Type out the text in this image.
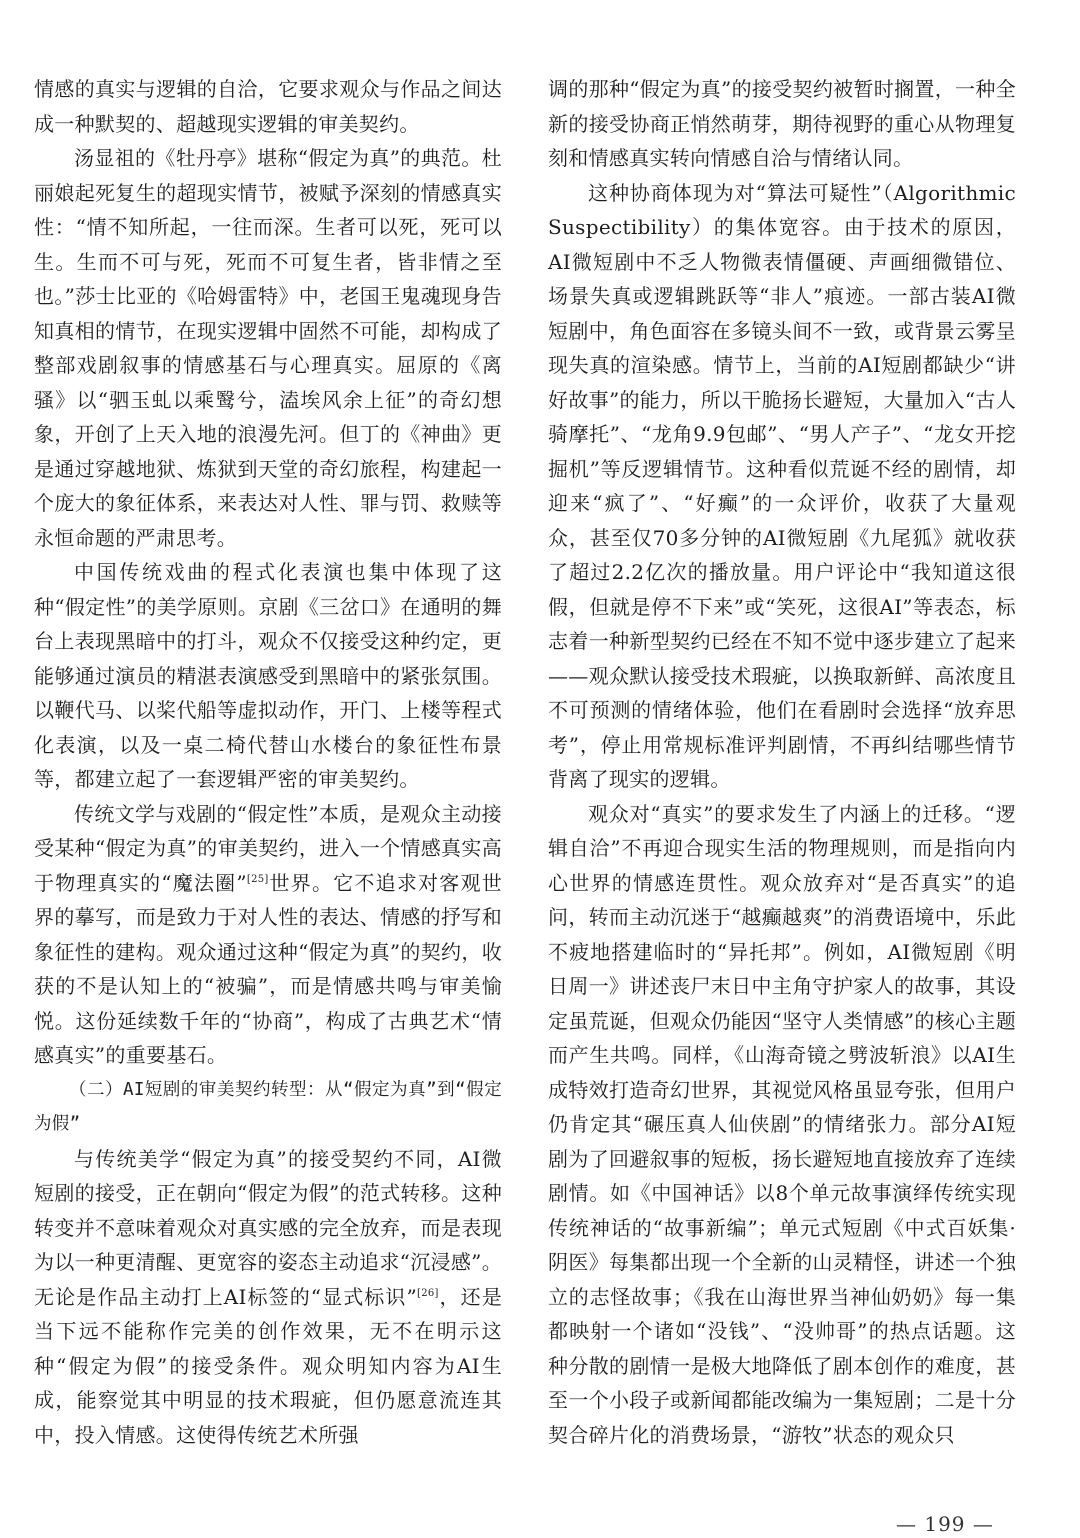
情感的真实与逻辑的自洽，它要求观众与作品之间达成一种默契的、超越现实逻辑的审美契约。

汤显祖的《牡丹亭》堪称“假定为真”的典范。杜丽娘起死复生的超现实情节，被赋予深刻的情感真实性：“情不知所起，一往而深。生者可以死，死可以生。生而不可与死，死而不可复生者，皆非情之至也。”莎士比亚的《哈姆雷特》中，老国王鬼魂现身告知真相的情节，在现实逻辑中固然不可能，却构成了整部戏剧叙事的情感基石与心理真实。屈原的《离骚》以“驷玉虬以乘鹥兮，溘埃风余上征”的奇幻想象，开创了上天入地的浪漫先河。但丁的《神曲》更是通过穿越地狱、炼狱到天堂的奇幻旅程，构建起一个庞大的象征体系，来表达对人性、罪与罚、救赎等永恒命题的严肃思考。

中国传统戏曲的程式化表演也集中体现了这种“假定性”的美学原则。京剧《三岔口》在通明的舞台上表现黑暗中的打斗，观众不仅接受这种约定，更能够通过演员的精湛表演感受到黑暗中的紧张氛围。以鞭代马、以桨代船等虚拟动作，开门、上楼等程式化表演，以及一桌二椅代替山水楼台的象征性布景等，都建立起了一套逻辑严密的审美契约。

传统文学与戏剧的“假定性”本质，是观众主动接受某种“假定为真”的审美契约，进入一个情感真实高于物理真实的“魔法圈”[25]世界。它不追求对客观世界的摹写，而是致力于对人性的表达、情感的抒写和象征性的建构。观众通过这种“假定为真”的契约，收获的不是认知上的“被骗”，而是情感共鸣与审美愉悦。这份延续数千年的“协商”，构成了古典艺术“情感真实”的重要基石。

（二）AI短剧的审美契约转型：从“假定为真”到“假定为假”

与传统美学“假定为真”的接受契约不同，AI微短剧的接受，正在朝向“假定为假”的范式转移。这种转变并不意味着观众对真实感的完全放弃，而是表现为以一种更清醒、更宽容的姿态主动追求“沉浸感”。无论是作品主动打上AI标签的“显式标识”[26]，还是当下远不能称作完美的创作效果，无不在明示这种“假定为假”的接受条件。观众明知内容为AI生成，能察觉其中明显的技术瑕疵，但仍愿意流连其中，投入情感。这使得传统艺术所强

调的那种“假定为真”的接受契约被暂时搁置，一种全新的接受协商正悄然萌芽，期待视野的重心从物理复刻和情感真实转向情感自洽与情绪认同。

这种协商体现为对“算法可疑性”（Algorithmic Suspectibility）的集体宽容。由于技术的原因，AI微短剧中不乏人物微表情僵硬、声画细微错位、场景失真或逻辑跳跃等“非人”痕迹。一部古装AI微短剧中，角色面容在多镜头间不一致，或背景云雾呈现失真的渲染感。情节上，当前的AI短剧都缺少“讲好故事”的能力，所以干脆扬长避短，大量加入“古人骑摩托”、“龙角9.9包邮”、“男人产子”、“龙女开挖掘机”等反逻辑情节。这种看似荒诞不经的剧情，却迎来“疯了”、“好癫”的一众评价，收获了大量观众，甚至仅70多分钟的AI微短剧《九尾狐》就收获了超过2.2亿次的播放量。用户评论中“我知道这很假，但就是停不下来”或“笑死，这很AI”等表态，标志着一种新型契约已经在不知不觉中逐步建立了起来——观众默认接受技术瑕疵，以换取新鲜、高浓度且不可预测的情绪体验，他们在看剧时会选择“放弃思考”，停止用常规标准评判剧情，不再纠结哪些情节背离了现实的逻辑。

观众对“真实”的要求发生了内涵上的迁移。“逻辑自洽”不再迎合现实生活的物理规则，而是指向内心世界的情感连贯性。观众放弃对“是否真实”的追问，转而主动沉迷于“越癫越爽”的消费语境中，乐此不疲地搭建临时的“异托邦”。例如，AI微短剧《明日周一》讲述丧尸末日中主角守护家人的故事，其设定虽荒诞，但观众仍能因“坚守人类情感”的核心主题而产生共鸣。同样，《山海奇镜之劈波斩浪》以AI生成特效打造奇幻世界，其视觉风格虽显夸张，但用户仍肯定其“碾压真人仙侠剧”的情绪张力。部分AI短剧为了回避叙事的短板，扬长避短地直接放弃了连续剧情。如《中国神话》以8个单元故事演绎传统实现传统神话的“故事新编”；单元式短剧《中式百妖集·阴医》每集都出现一个全新的山灵精怪，讲述一个独立的志怪故事；《我在山海世界当神仙奶奶》每一集都映射一个诸如“没钱”、“没帅哥”的热点话题。这种分散的剧情一是极大地降低了剧本创作的难度，甚至一个小段子或新闻都能改编为一集短剧；二是十分契合碎片化的消费场景，“游牧”状态的观众只

— 199 —
